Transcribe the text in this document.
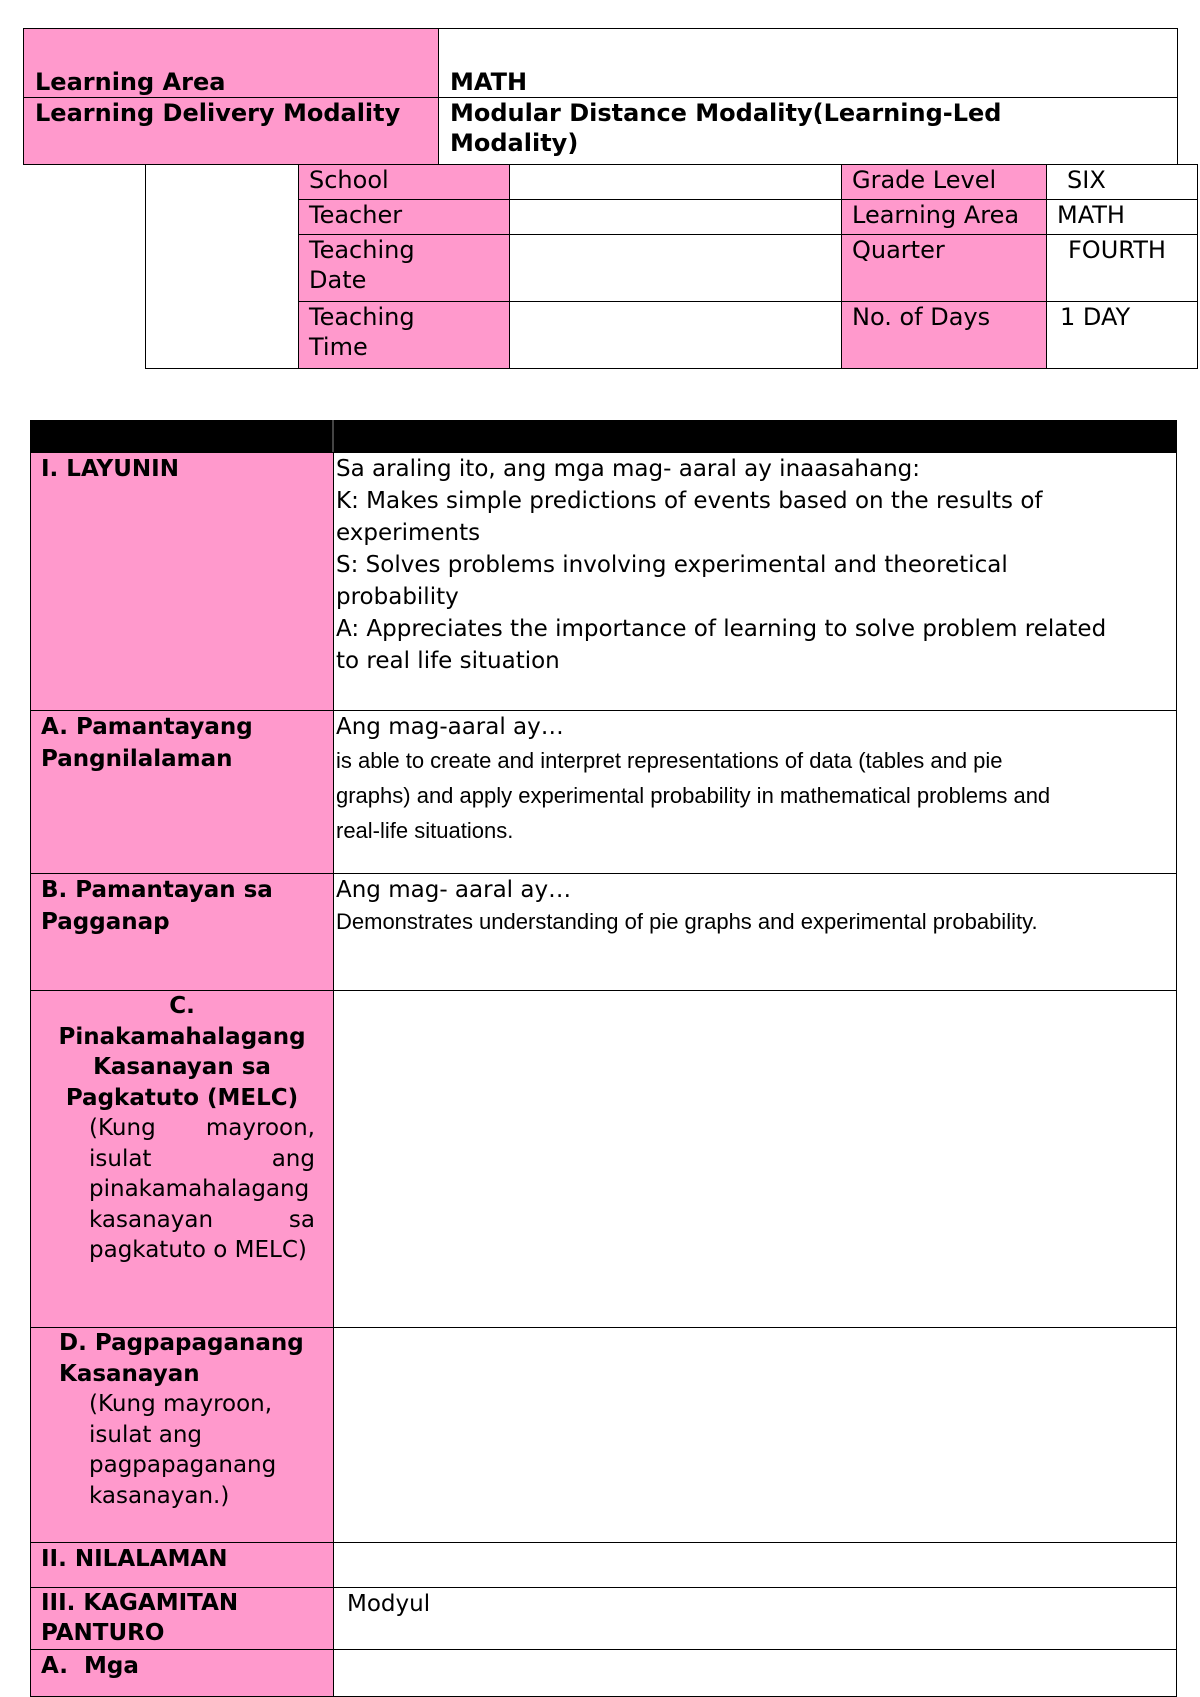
Learning Area	MATH
Learning Delivery Modality	Modular Distance Modality(Learning-Led Modality)
	School		Grade Level	SIX
	Teacher		Learning Area	MATH
	Teaching Date		Quarter	FOURTH
	Teaching Time		No. of Days	1 DAY
I. LAYUNIN	Sa araling ito, ang mga mag- aaral ay inaasahang:
K: Makes simple predictions of events based on the results of experiments
S: Solves problems involving experimental and theoretical probability
A: Appreciates the importance of learning to solve problem related to real life situation

A. Pamantayang Pangnilalaman	Ang mag-aaral ay…
is able to create and interpret representations of data (tables and pie graphs) and apply experimental probability in mathematical problems and real-life situations.

B. Pamantayan sa Pagganap	Ang mag- aaral ay…
Demonstrates understanding of pie graphs and experimental probability.

C. Pinakamahalagang Kasanayan sa Pagkatuto (MELC)
(Kung mayroon, isulat ang pinakamahalagang kasanayan sa pagkatuto o MELC)	

D. Pagpapaganang Kasanayan
(Kung mayroon, isulat ang pagpapaganang kasanayan.)	

II. NILALAMAN	
III. KAGAMITAN PANTURO	Modyul
A.  Mga	
